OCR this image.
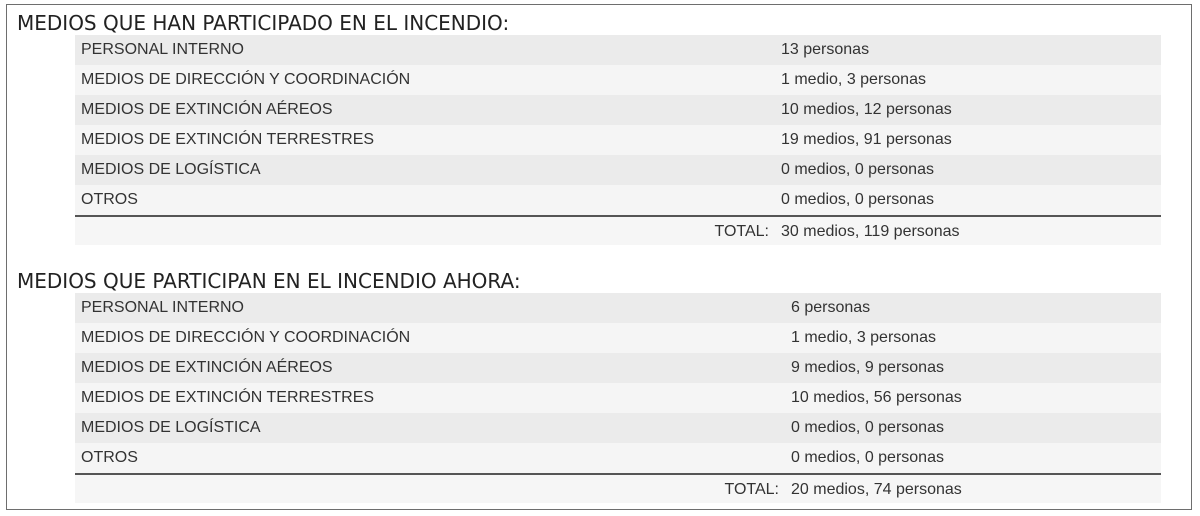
MEDIOS QUE HAN PARTICIPADO EN EL INCENDIO:
PERSONAL INTERNO	13 personas
MEDIOS DE DIRECCIÓN Y COORDINACIÓN	1 medio, 3 personas
MEDIOS DE EXTINCIÓN AÉREOS	10 medios, 12 personas
MEDIOS DE EXTINCIÓN TERRESTRES	19 medios, 91 personas
MEDIOS DE LOGÍSTICA	0 medios, 0 personas
OTROS	0 medios, 0 personas
TOTAL: 30 medios, 119 personas
MEDIOS QUE PARTICIPAN EN EL INCENDIO AHORA:
PERSONAL INTERNO	6 personas
MEDIOS DE DIRECCIÓN Y COORDINACIÓN	1 medio, 3 personas
MEDIOS DE EXTINCIÓN AÉREOS	9 medios, 9 personas
MEDIOS DE EXTINCIÓN TERRESTRES	10 medios, 56 personas
MEDIOS DE LOGÍSTICA	0 medios, 0 personas
OTROS	0 medios, 0 personas
TOTAL: 20 medios, 74 personas
